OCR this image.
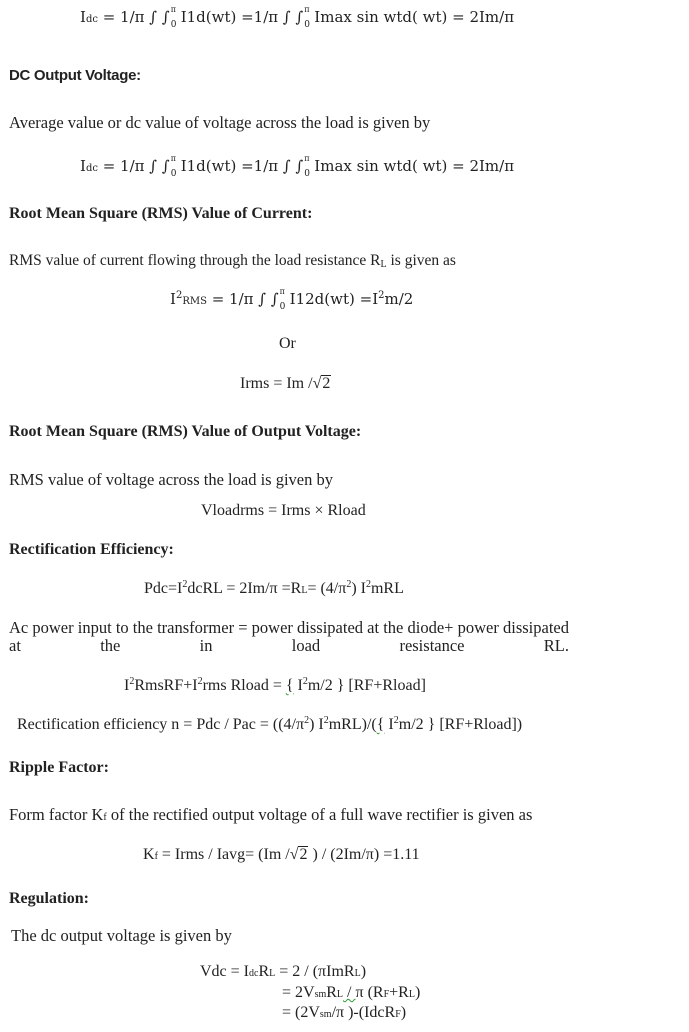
Idc = 1/π ∫ ∫ π
0 I1d(wt) =1/π ∫ ∫ π
0 Imax sin wtd( wt) = 2Im/π
DC Output Voltage:
Average value or dc value of voltage across the load is given by
Idc = 1/π ∫ ∫ π
0 I1d(wt) =1/π ∫ ∫ π
0 Imax sin wtd( wt) = 2Im/π
Root Mean Square (RMS) Value of Current:
RMS value of current flowing through the load resistance $R_L$ is given as
$I^2RMS = 1/\pi$ ∫ ∫ π
0 $I12d(wt) =I^2m/2$
Or
Irms = Im /√2
Root Mean Square (RMS) Value of Output Voltage:
RMS value of voltage across the load is given by
Vloadrms = Irms × Rload
Rectification Efficiency:
$Pdc=I^2dcRL = 2Im/\pi =RL= (4/\pi^2)$ $I^2mRL$
Ac power input to the transformer = power dissipated at the diode+ power dissipated at the in load resistance RL.
$I^2RmsRF+I^2rms$ Rload = { $I^2m/2$ } [RF+Rload]
Rectification efficiency n = Pdc / Pac = ($(4/\pi^2)$ $I^2mRL)/$({ $I^2m/2$ } [RF+Rload])
Ripple Factor:
Form factor Kf of the rectified output voltage of a full wave rectifier is given as
Kf = Irms / Iavg= (Im /√2 ) / (2Im/π) =1.11
Regulation:
The dc output voltage is given by
Vdc = IdcRL = 2 / (πImRL)
= 2VsmRL / π (RF+RL)
= (2Vsm/π )-(IdcRF)
